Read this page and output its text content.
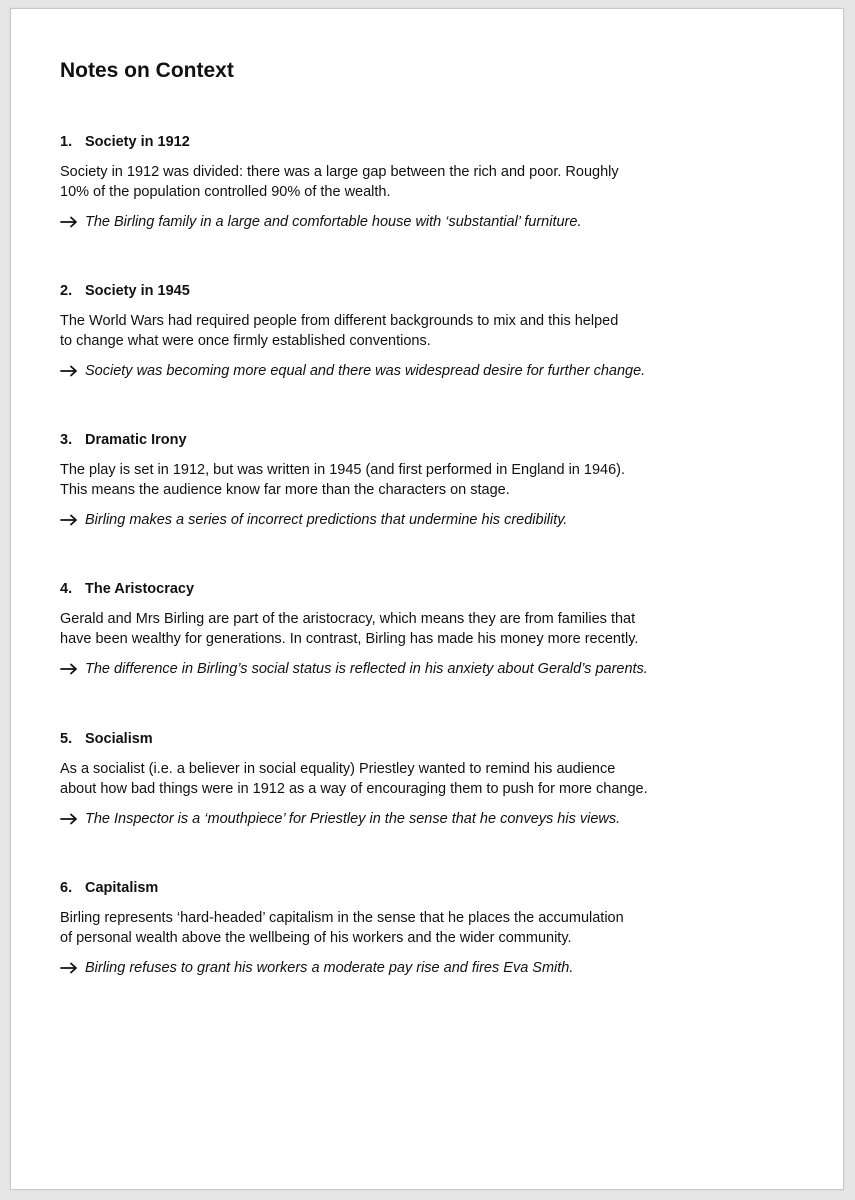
Notes on Context
1. Society in 1912

Society in 1912 was divided: there was a large gap between the rich and poor. Roughly
10% of the population controlled 90% of the wealth.

The Birling family in a large and comfortable house with ‘substantial’ furniture.
2. Society in 1945

The World Wars had required people from different backgrounds to mix and this helped
to change what were once firmly established conventions.

Society was becoming more equal and there was widespread desire for further change.
3. Dramatic Irony

The play is set in 1912, but was written in 1945 (and first performed in England in 1946).
This means the audience know far more than the characters on stage.

Birling makes a series of incorrect predictions that undermine his credibility.
4. The Aristocracy

Gerald and Mrs Birling are part of the aristocracy, which means they are from families that
have been wealthy for generations. In contrast, Birling has made his money more recently.

The difference in Birling’s social status is reflected in his anxiety about Gerald’s parents.
5. Socialism

As a socialist (i.e. a believer in social equality) Priestley wanted to remind his audience
about how bad things were in 1912 as a way of encouraging them to push for more change.

The Inspector is a ‘mouthpiece’ for Priestley in the sense that he conveys his views.
6. Capitalism

Birling represents ‘hard-headed’ capitalism in the sense that he places the accumulation
of personal wealth above the wellbeing of his workers and the wider community.

Birling refuses to grant his workers a moderate pay rise and fires Eva Smith.
